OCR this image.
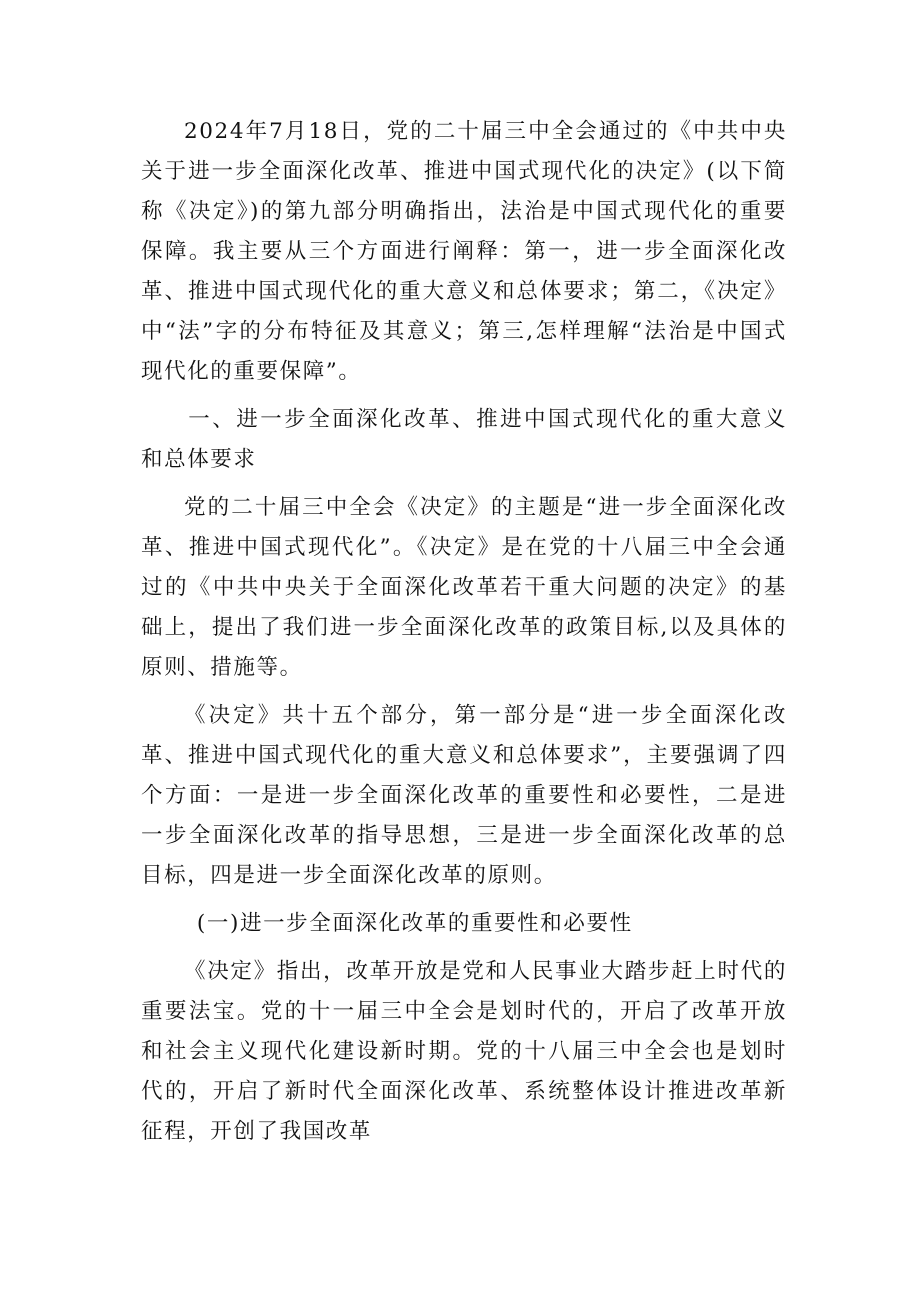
2024年7月18日，党的二十届三中全会通过的《中共中央关于进一步全面深化改革、推进中国式现代化的决定》(以下简称《决定》)的第九部分明确指出，法治是中国式现代化的重要保障。我主要从三个方面进行阐释：第一，进一步全面深化改革、推进中国式现代化的重大意义和总体要求；第二，《决定》中“法”字的分布特征及其意义；第三,怎样理解“法治是中国式现代化的重要保障”。

一、进一步全面深化改革、推进中国式现代化的重大意义和总体要求

党的二十届三中全会《决定》的主题是“进一步全面深化改革、推进中国式现代化”。《决定》是在党的十八届三中全会通过的《中共中央关于全面深化改革若干重大问题的决定》的基础上，提出了我们进一步全面深化改革的政策目标,以及具体的原则、措施等。

《决定》共十五个部分，第一部分是“进一步全面深化改革、推进中国式现代化的重大意义和总体要求”，主要强调了四个方面：一是进一步全面深化改革的重要性和必要性，二是进一步全面深化改革的指导思想，三是进一步全面深化改革的总目标，四是进一步全面深化改革的原则。

(一)进一步全面深化改革的重要性和必要性

《决定》指出，改革开放是党和人民事业大踏步赶上时代的重要法宝。党的十一届三中全会是划时代的，开启了改革开放和社会主义现代化建设新时期。党的十八届三中全会也是划时代的，开启了新时代全面深化改革、系统整体设计推进改革新征程，开创了我国改革
